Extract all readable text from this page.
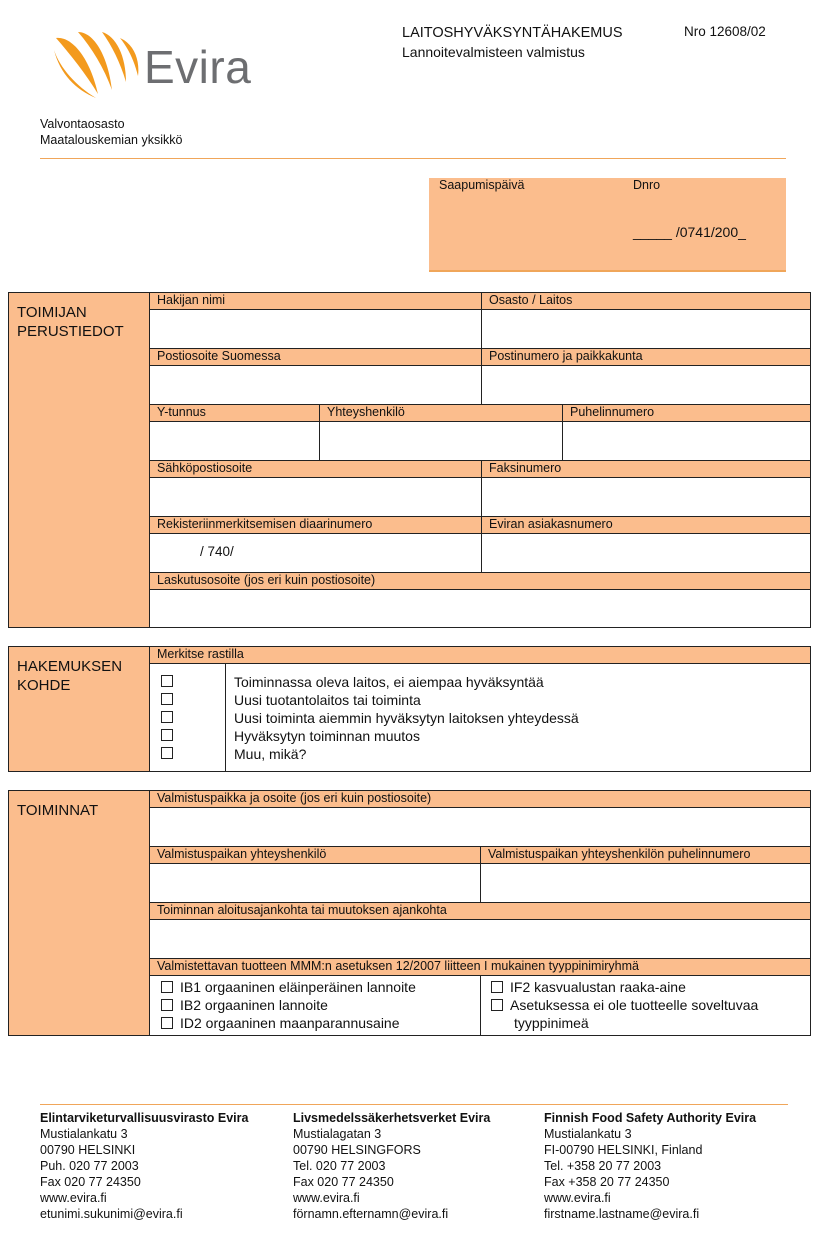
Evira
Valvontaosasto
Maatalouskemian yksikkö
LAITOSHYVÄKSYNTÄHAKEMUS
Lannoitevalmisteen valmistus
Nro 12608/02
Saapumispäivä	Dnro
_____ /0741/200_
TOIMIJAN
PERUSTIEDOT
Hakijan nimi	Osasto / Laitos
Postiosoite Suomessa	Postinumero ja paikkakunta
Y-tunnus	Yhteyshenkilö	Puhelinnumero
Sähköpostiosoite	Faksinumero
Rekisteriinmerkitsemisen diaarinumero	Eviran asiakasnumero
/ 740/
Laskutusosoite (jos eri kuin postiosoite)
HAKEMUKSEN
KOHDE
Merkitse rastilla
Toiminnassa oleva laitos, ei aiempaa hyväksyntää
Uusi tuotantolaitos tai toiminta
Uusi toiminta aiemmin hyväksytyn laitoksen yhteydessä
Hyväksytyn toiminnan muutos
Muu, mikä?
TOIMINNAT
Valmistuspaikka ja osoite (jos eri kuin postiosoite)
Valmistuspaikan yhteyshenkilö	Valmistuspaikan yhteyshenkilön puhelinnumero
Toiminnan aloitusajankohta tai muutoksen ajankohta
Valmistettavan tuotteen MMM:n asetuksen 12/2007 liitteen I mukainen tyyppinimiryhmä
IB1 orgaaninen eläinperäinen lannoite
IB2 orgaaninen lannoite
ID2 orgaaninen maanparannusaine
IF2 kasvualustan raaka-aine
Asetuksessa ei ole tuotteelle soveltuvaa
tyyppinimeä
Elintarviketurvallisuusvirasto Evira
Mustialankatu 3
00790 HELSINKI
Puh. 020 77 2003
Fax 020 77 24350
www.evira.fi
etunimi.sukunimi@evira.fi
Livsmedelssäkerhetsverket Evira
Mustialagatan 3
00790 HELSINGFORS
Tel. 020 77 2003
Fax 020 77 24350
www.evira.fi
förnamn.efternamn@evira.fi
Finnish Food Safety Authority Evira
Mustialankatu 3
FI-00790 HELSINKI, Finland
Tel. +358 20 77 2003
Fax +358 20 77 24350
www.evira.fi
firstname.lastname@evira.fi
